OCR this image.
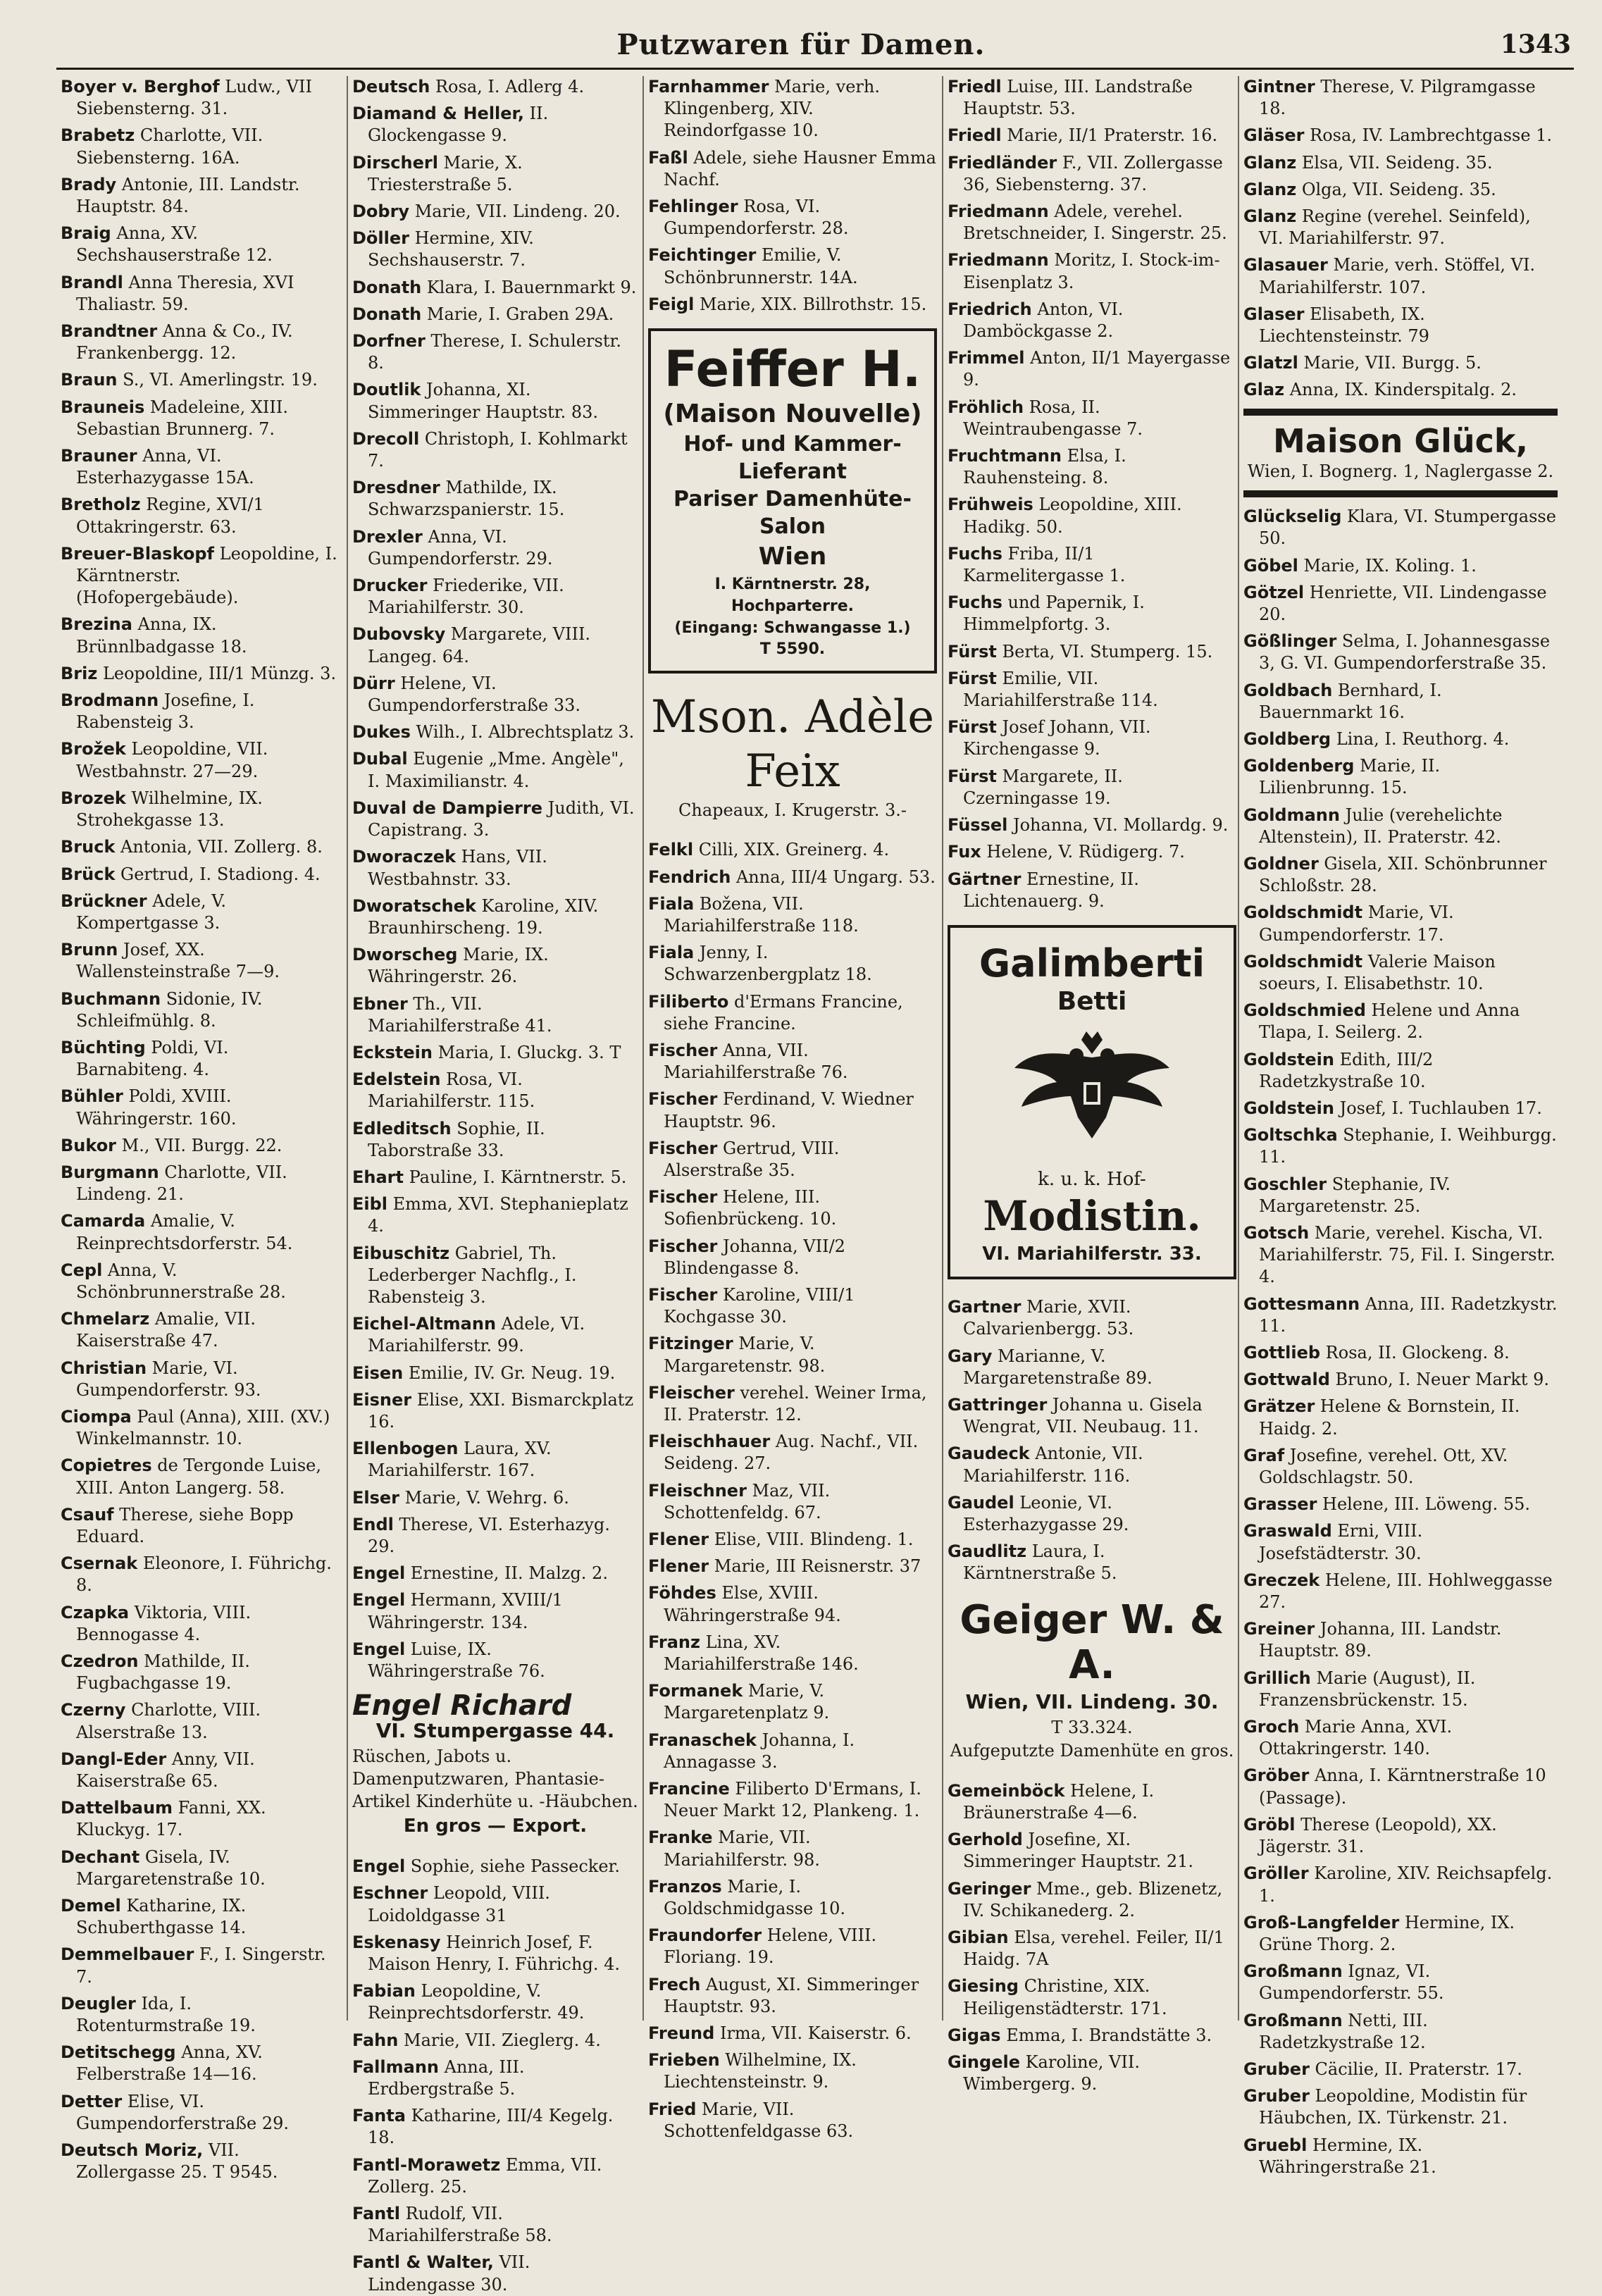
Putzwaren für Damen.	1343

Boyer v. Berghof Ludw., VII Siebensterng. 31.

Brabetz Charlotte, VII. Siebensterng. 16A.

Brady Antonie, III. Landstr. Hauptstr. 84.

Braig Anna, XV. Sechshauserstraße 12.

Brandl Anna Theresia, XVI Thaliastr. 59.

Brandtner Anna & Co., IV. Frankenbergg. 12.

Braun S., VI. Amerlingstr. 19.

Brauneis Madeleine, XIII. Sebastian Brunnerg. 7.

Brauner Anna, VI. Esterhazygasse 15A.

Bretholz Regine, XVI/1 Ottakringerstr. 63.

Breuer-Blaskopf Leopoldine, I. Kärntnerstr. (Hofopergebäude).

Brezina Anna, IX. Brünnlbadgasse 18.

Briz Leopoldine, III/1 Münzg. 3.

Brodmann Josefine, I. Rabensteig 3.

Brožek Leopoldine, VII. Westbahnstr. 27—29.

Brozek Wilhelmine, IX. Strohekgasse 13.

Bruck Antonia, VII. Zollerg. 8.

Brück Gertrud, I. Stadiong. 4.

Brückner Adele, V. Kompertgasse 3.

Brunn Josef, XX. Wallensteinstraße 7—9.

Buchmann Sidonie, IV. Schleifmühlg. 8.

Büchting Poldi, VI. Barnabiteng. 4.

Bühler Poldi, XVIII. Währingerstr. 160.

Bukor M., VII. Burgg. 22.

Burgmann Charlotte, VII. Lindeng. 21.

Camarda Amalie, V. Reinprechtsdorferstr. 54.

Cepl Anna, V. Schönbrunnerstraße 28.

Chmelarz Amalie, VII. Kaiserstraße 47.

Christian Marie, VI. Gumpendorferstr. 93.

Ciompa Paul (Anna), XIII. (XV.) Winkelmannstr. 10.

Copietres de Tergonde Luise, XIII. Anton Langerg. 58.

Csauf Therese, siehe Bopp Eduard.

Csernak Eleonore, I. Führichg. 8.

Czapka Viktoria, VIII. Bennogasse 4.

Czedron Mathilde, II. Fugbachgasse 19.

Czerny Charlotte, VIII. Alserstraße 13.

Dangl-Eder Anny, VII. Kaiserstraße 65.

Dattelbaum Fanni, XX. Kluckyg. 17.

Dechant Gisela, IV. Margaretenstraße 10.

Demel Katharine, IX. Schuberthgasse 14.

Demmelbauer F., I. Singerstr. 7.

Deugler Ida, I. Rotenturmstraße 19.

Detitschegg Anna, XV. Felberstraße 14—16.

Detter Elise, VI. Gumpendorferstraße 29.

Deutsch Moriz, VII. Zollergasse 25. T 9545.

Deutsch Rosa, I. Adlerg 4.

Diamand & Heller, II. Glockengasse 9.

Dirscherl Marie, X. Triesterstraße 5.

Dobry Marie, VII. Lindeng. 20.

Döller Hermine, XIV. Sechshauserstr. 7.

Donath Klara, I. Bauernmarkt 9.

Donath Marie, I. Graben 29A.

Dorfner Therese, I. Schulerstr. 8.

Doutlik Johanna, XI. Simmeringer Hauptstr. 83.

Drecoll Christoph, I. Kohlmarkt 7.

Dresdner Mathilde, IX. Schwarzspanierstr. 15.

Drexler Anna, VI. Gumpendorferstr. 29.

Drucker Friederike, VII. Mariahilferstr. 30.

Dubovsky Margarete, VIII. Langeg. 64.

Dürr Helene, VI. Gumpendorferstraße 33.

Dukes Wilh., I. Albrechtsplatz 3.

Dubal Eugenie „Mme. Angèle", I. Maximilianstr. 4.

Duval de Dampierre Judith, VI. Capistrang. 3.

Dworaczek Hans, VII. Westbahnstr. 33.

Dworatschek Karoline, XIV. Braunhirscheng. 19.

Dworscheg Marie, IX. Währingerstr. 26.

Ebner Th., VII. Mariahilferstraße 41.

Eckstein Maria, I. Gluckg. 3. T

Edelstein Rosa, VI. Mariahilferstr. 115.

Edleditsch Sophie, II. Taborstraße 33.

Ehart Pauline, I. Kärntnerstr. 5.

Eibl Emma, XVI. Stephanieplatz 4.

Eibuschitz Gabriel, Th. Lederberger Nachflg., I. Rabensteig 3.

Eichel-Altmann Adele, VI. Mariahilferstr. 99.

Eisen Emilie, IV. Gr. Neug. 19.

Eisner Elise, XXI. Bismarckplatz 16.

Ellenbogen Laura, XV. Mariahilferstr. 167.

Elser Marie, V. Wehrg. 6.

Endl Therese, VI. Esterhazyg. 29.

Engel Ernestine, II. Malzg. 2.

Engel Hermann, XVIII/1 Währingerstr. 134.

Engel Luise, IX. Währingerstraße 76.

Engel Richard
VI. Stumpergasse 44.
Rüschen, Jabots u. Damenputzwaren, Phantasie-Artikel Kinderhüte u. -Häubchen.
En gros — Export.

Engel Sophie, siehe Passecker.

Eschner Leopold, VIII. Loidoldgasse 31

Eskenasy Heinrich Josef, F. Maison Henry, I. Führichg. 4.

Fabian Leopoldine, V. Reinprechtsdorferstr. 49.

Fahn Marie, VII. Zieglerg. 4.

Fallmann Anna, III. Erdbergstraße 5.

Fanta Katharine, III/4 Kegelg. 18.

Fantl-Morawetz Emma, VII. Zollerg. 25.

Fantl Rudolf, VII. Mariahilferstraße 58.

Fantl & Walter, VII. Lindengasse 30.

Farnhammer Marie, verh. Klingenberg, XIV. Reindorfgasse 10.

Faßl Adele, siehe Hausner Emma Nachf.

Fehlinger Rosa, VI. Gumpendorferstr. 28.

Feichtinger Emilie, V. Schönbrunnerstr. 14A.

Feigl Marie, XIX. Billrothstr. 15.

Feiffer H.
(Maison Nouvelle)
Hof- und Kammer-Lieferant
Pariser Damenhüte-Salon
Wien
I. Kärntnerstr. 28, Hochparterre.
(Eingang: Schwangasse 1.)
T 5590.
Mson. Adèle Feix
Chapeaux, I. Krugerstr. 3.-

Felkl Cilli, XIX. Greinerg. 4.

Fendrich Anna, III/4 Ungarg. 53.

Fiala Božena, VII. Mariahilferstraße 118.

Fiala Jenny, I. Schwarzenbergplatz 18.

Filiberto d'Ermans Francine, siehe Francine.

Fischer Anna, VII. Mariahilferstraße 76.

Fischer Ferdinand, V. Wiedner Hauptstr. 96.

Fischer Gertrud, VIII. Alserstraße 35.

Fischer Helene, III. Sofienbrückeng. 10.

Fischer Johanna, VII/2 Blindengasse 8.

Fischer Karoline, VIII/1 Kochgasse 30.

Fitzinger Marie, V. Margaretenstr. 98.

Fleischer verehel. Weiner Irma, II. Praterstr. 12.

Fleischhauer Aug. Nachf., VII. Seideng. 27.

Fleischner Maz, VII. Schottenfeldg. 67.

Flener Elise, VIII. Blindeng. 1.

Flener Marie, III Reisnerstr. 37

Föhdes Else, XVIII. Währingerstraße 94.

Franz Lina, XV. Mariahilferstraße 146.

Formanek Marie, V. Margaretenplatz 9.

Franaschek Johanna, I. Annagasse 3.

Francine Filiberto D'Ermans, I. Neuer Markt 12, Plankeng. 1.

Franke Marie, VII. Mariahilferstr. 98.

Franzos Marie, I. Goldschmidgasse 10.

Fraundorfer Helene, VIII. Floriang. 19.

Frech August, XI. Simmeringer Hauptstr. 93.

Freund Irma, VII. Kaiserstr. 6.

Frieben Wilhelmine, IX. Liechtensteinstr. 9.

Fried Marie, VII. Schottenfeldgasse 63.

Friedl Luise, III. Landstraße Hauptstr. 53.

Friedl Marie, II/1 Praterstr. 16.

Friedländer F., VII. Zollergasse 36, Siebensterng. 37.

Friedmann Adele, verehel. Bretschneider, I. Singerstr. 25.

Friedmann Moritz, I. Stock-im-Eisenplatz 3.

Friedrich Anton, VI. Damböckgasse 2.

Frimmel Anton, II/1 Mayergasse 9.

Fröhlich Rosa, II. Weintraubengasse 7.

Fruchtmann Elsa, I. Rauhensteing. 8.

Frühweis Leopoldine, XIII. Hadikg. 50.

Fuchs Friba, II/1 Karmelitergasse 1.

Fuchs und Papernik, I. Himmelpfortg. 3.

Fürst Berta, VI. Stumperg. 15.

Fürst Emilie, VII. Mariahilferstraße 114.

Fürst Josef Johann, VII. Kirchengasse 9.

Fürst Margarete, II. Czerningasse 19.

Füssel Johanna, VI. Mollardg. 9.

Fux Helene, V. Rüdigerg. 7.

Gärtner Ernestine, II. Lichtenauerg. 9.

Galimberti
Betti
k. u. k. Hof-
Modistin.
VI. Mariahilferstr. 33.

Gartner Marie, XVII. Calvarienbergg. 53.

Gary Marianne, V. Margaretenstraße 89.

Gattringer Johanna u. Gisela Wengrat, VII. Neubaug. 11.

Gaudeck Antonie, VII. Mariahilferstr. 116.

Gaudel Leonie, VI. Esterhazygasse 29.

Gaudlitz Laura, I. Kärntnerstraße 5.

Geiger W. & A.
Wien, VII. Lindeng. 30.
T 33.324.
Aufgeputzte Damenhüte en gros.

Gemeinböck Helene, I. Bräunerstraße 4—6.

Gerhold Josefine, XI. Simmeringer Hauptstr. 21.

Geringer Mme., geb. Blizenetz, IV. Schikanederg. 2.

Gibian Elsa, verehel. Feiler, II/1 Haidg. 7A

Giesing Christine, XIX. Heiligenstädterstr. 171.

Gigas Emma, I. Brandstätte 3.

Gingele Karoline, VII. Wimbergerg. 9.

Gintner Therese, V. Pilgramgasse 18.

Gläser Rosa, IV. Lambrechtgasse 1.

Glanz Elsa, VII. Seideng. 35.

Glanz Olga, VII. Seideng. 35.

Glanz Regine (verehel. Seinfeld), VI. Mariahilferstr. 97.

Glasauer Marie, verh. Stöffel, VI. Mariahilferstr. 107.

Glaser Elisabeth, IX. Liechtensteinstr. 79

Glatzl Marie, VII. Burgg. 5.

Glaz Anna, IX. Kinderspitalg. 2.

Maison Glück,
Wien, I. Bognerg. 1, Naglergasse 2.

Glückselig Klara, VI. Stumpergasse 50.

Göbel Marie, IX. Koling. 1.

Götzel Henriette, VII. Lindengasse 20.

Gößlinger Selma, I. Johannesgasse 3, G. VI. Gumpendorferstraße 35.

Goldbach Bernhard, I. Bauernmarkt 16.

Goldberg Lina, I. Reuthorg. 4.

Goldenberg Marie, II. Lilienbrunng. 15.

Goldmann Julie (verehelichte Altenstein), II. Praterstr. 42.

Goldner Gisela, XII. Schönbrunner Schloßstr. 28.

Goldschmidt Marie, VI. Gumpendorferstr. 17.

Goldschmidt Valerie Maison soeurs, I. Elisabethstr. 10.

Goldschmied Helene und Anna Tlapa, I. Seilerg. 2.

Goldstein Edith, III/2 Radetzkystraße 10.

Goldstein Josef, I. Tuchlauben 17.

Goltschka Stephanie, I. Weihburgg. 11.

Goschler Stephanie, IV. Margaretenstr. 25.

Gotsch Marie, verehel. Kischa, VI. Mariahilferstr. 75, Fil. I. Singerstr. 4.

Gottesmann Anna, III. Radetzkystr. 11.

Gottlieb Rosa, II. Glockeng. 8.

Gottwald Bruno, I. Neuer Markt 9.

Grätzer Helene & Bornstein, II. Haidg. 2.

Graf Josefine, verehel. Ott, XV. Goldschlagstr. 50.

Grasser Helene, III. Löweng. 55.

Graswald Erni, VIII. Josefstädterstr. 30.

Greczek Helene, III. Hohlweggasse 27.

Greiner Johanna, III. Landstr. Hauptstr. 89.

Grillich Marie (August), II. Franzensbrückenstr. 15.

Groch Marie Anna, XVI. Ottakringerstr. 140.

Gröber Anna, I. Kärntnerstraße 10 (Passage).

Gröbl Therese (Leopold), XX. Jägerstr. 31.

Gröller Karoline, XIV. Reichsapfelg. 1.

Groß-Langfelder Hermine, IX. Grüne Thorg. 2.

Großmann Ignaz, VI. Gumpendorferstr. 55.

Großmann Netti, III. Radetzkystraße 12.

Gruber Cäcilie, II. Praterstr. 17.

Gruber Leopoldine, Modistin für Häubchen, IX. Türkenstr. 21.

Gruebl Hermine, IX. Währingerstraße 21.
